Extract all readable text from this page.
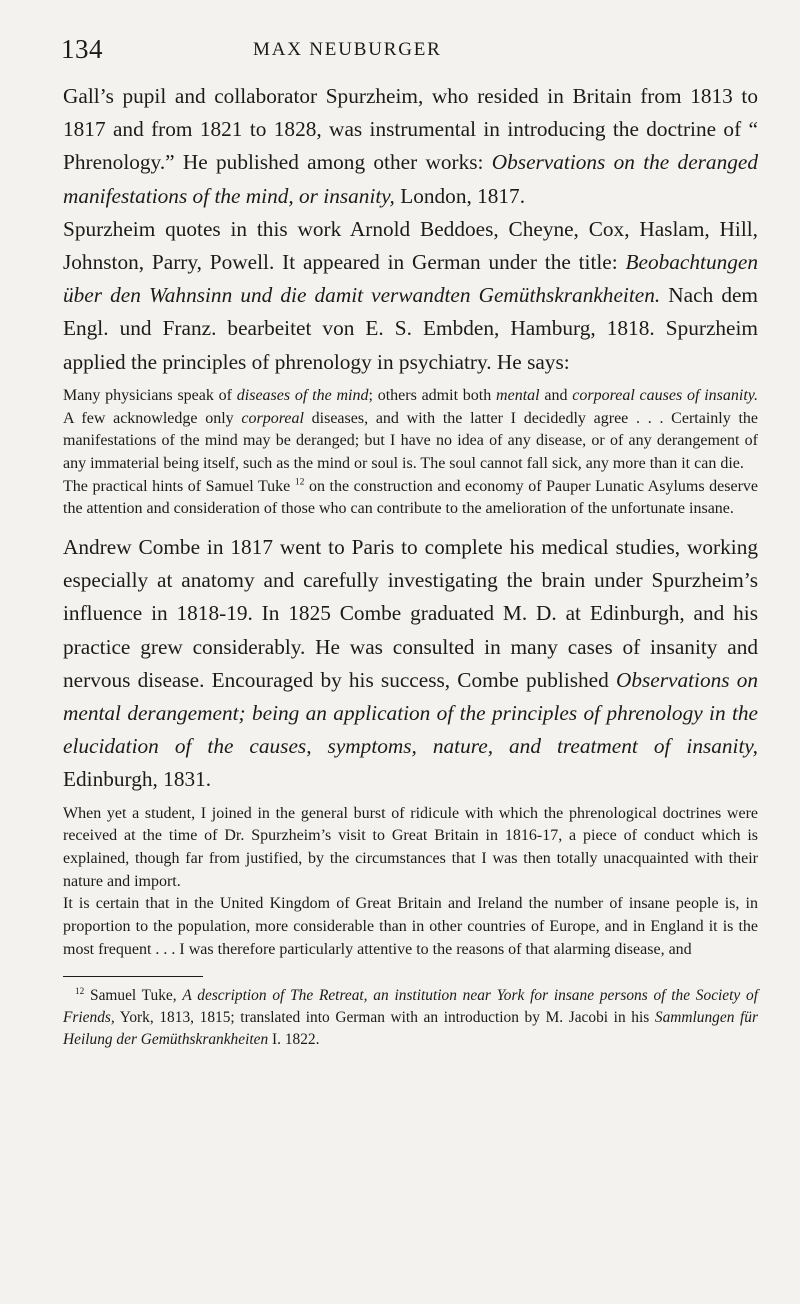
134	MAX NEUBURGER

Gall’s pupil and collaborator Spurzheim, who resided in Britain from 1813 to 1817 and from 1821 to 1828, was instrumental in introducing the doctrine of “ Phrenology.” He published among other works: Observations on the deranged manifestations of the mind, or insanity, London, 1817.

Spurzheim quotes in this work Arnold Beddoes, Cheyne, Cox, Haslam, Hill, Johnston, Parry, Powell. It appeared in German under the title: Beobachtungen über den Wahnsinn und die damit verwandten Gemüthskrankheiten. Nach dem Engl. und Franz. bearbeitet von E. S. Embden, Hamburg, 1818. Spurzheim applied the principles of phrenology in psychiatry. He says:

Many physicians speak of diseases of the mind; others admit both mental and corporeal causes of insanity. A few acknowledge only corporeal diseases, and with the latter I decidedly agree . . . Certainly the manifestations of the mind may be deranged; but I have no idea of any disease, or of any derangement of any immaterial being itself, such as the mind or soul is. The soul cannot fall sick, any more than it can die.

The practical hints of Samuel Tuke $^{12}$ on the construction and economy of Pauper Lunatic Asylums deserve the attention and consideration of those who can contribute to the amelioration of the unfortunate insane.

Andrew Combe in 1817 went to Paris to complete his medical studies, working especially at anatomy and carefully investigating the brain under Spurzheim’s influence in 1818-19. In 1825 Combe graduated M. D. at Edinburgh, and his practice grew considerably. He was consulted in many cases of insanity and nervous disease. Encouraged by his success, Combe published Observations on mental derangement; being an application of the principles of phrenology in the elucidation of the causes, symptoms, nature, and treatment of insanity, Edinburgh, 1831.

When yet a student, I joined in the general burst of ridicule with which the phrenological doctrines were received at the time of Dr. Spurzheim’s visit to Great Britain in 1816-17, a piece of conduct which is explained, though far from justified, by the circumstances that I was then totally unacquainted with their nature and import.

It is certain that in the United Kingdom of Great Britain and Ireland the number of insane people is, in proportion to the population, more considerable than in other countries of Europe, and in England it is the most frequent . . . I was therefore particularly attentive to the reasons of that alarming disease, and

$^{12}$ Samuel Tuke, A description of The Retreat, an institution near York for insane persons of the Society of Friends, York, 1813, 1815; translated into German with an introduction by M. Jacobi in his Sammlungen für Heilung der Gemüthskrankheiten I. 1822.
